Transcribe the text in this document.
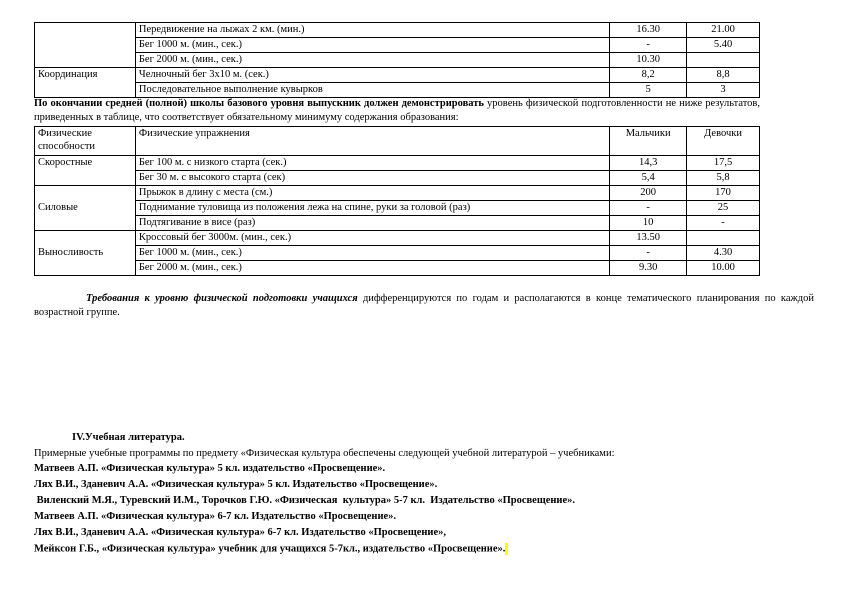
	Передвижение на лыжах 2 км. (мин.)	16.30	21.00
	Бег 1000 м. (мин., сек.)	-	5.40
	Бег 2000 м. (мин., сек.)	10.30	
Координация	Челночный бег 3х10 м. (сек.)	8,2	8,8
	Последовательное выполнение кувырков	5	3
По окончании средней (полной) школы базового уровня выпускник должен демонстрировать уровень физической подготовленности не ниже результатов, приведенных в таблице, что соответствует обязательному минимуму содержания образования:
Физические способности	Физические упражнения	Мальчики	Девочки
Скоростные	Бег 100 м. с низкого старта (сек.)	14,3	17,5
	Бег 30 м. с высокого старта (сек)	5,4	5,8
Силовые	Прыжок в длину с места (см.)	200	170
	Поднимание туловища из положения лежа на спине, руки за головой (раз)	-	25
	Подтягивание в висе (раз)	10	-
Выносливость	Кроссовый бег 3000м. (мин., сек.)	13.50	
	Бег 1000 м. (мин., сек.)	-	4.30
	Бег 2000 м. (мин., сек.)	9.30	10.00
Требования к уровню физической подготовки учащихся дифференцируются по годам и располагаются в конце тематического планирования по каждой возрастной группе.
IV.Учебная литература.
Примерные учебные программы по предмету «Физическая культура обеспечены следующей учебной литературой – учебниками:
Матвеев А.П. «Физическая культура» 5 кл. издательство «Просвещение».
Лях В.И., Зданевич А.А. «Физическая культура» 5 кл. Издательство «Просвещение».
Виленский М.Я., Туревский И.М., Торочков Г.Ю. «Физическая  культура» 5-7 кл.  Издательство «Просвещение».
Матвеев А.П. «Физическая культура» 6-7 кл. Издательство «Просвещение».
Лях В.И., Зданевич А.А. «Физическая культура» 6-7 кл. Издательство «Просвещение»,
Мейксон Г.Б., «Физическая культура» учебник для учащихся 5-7кл., издательство «Просвещение».
